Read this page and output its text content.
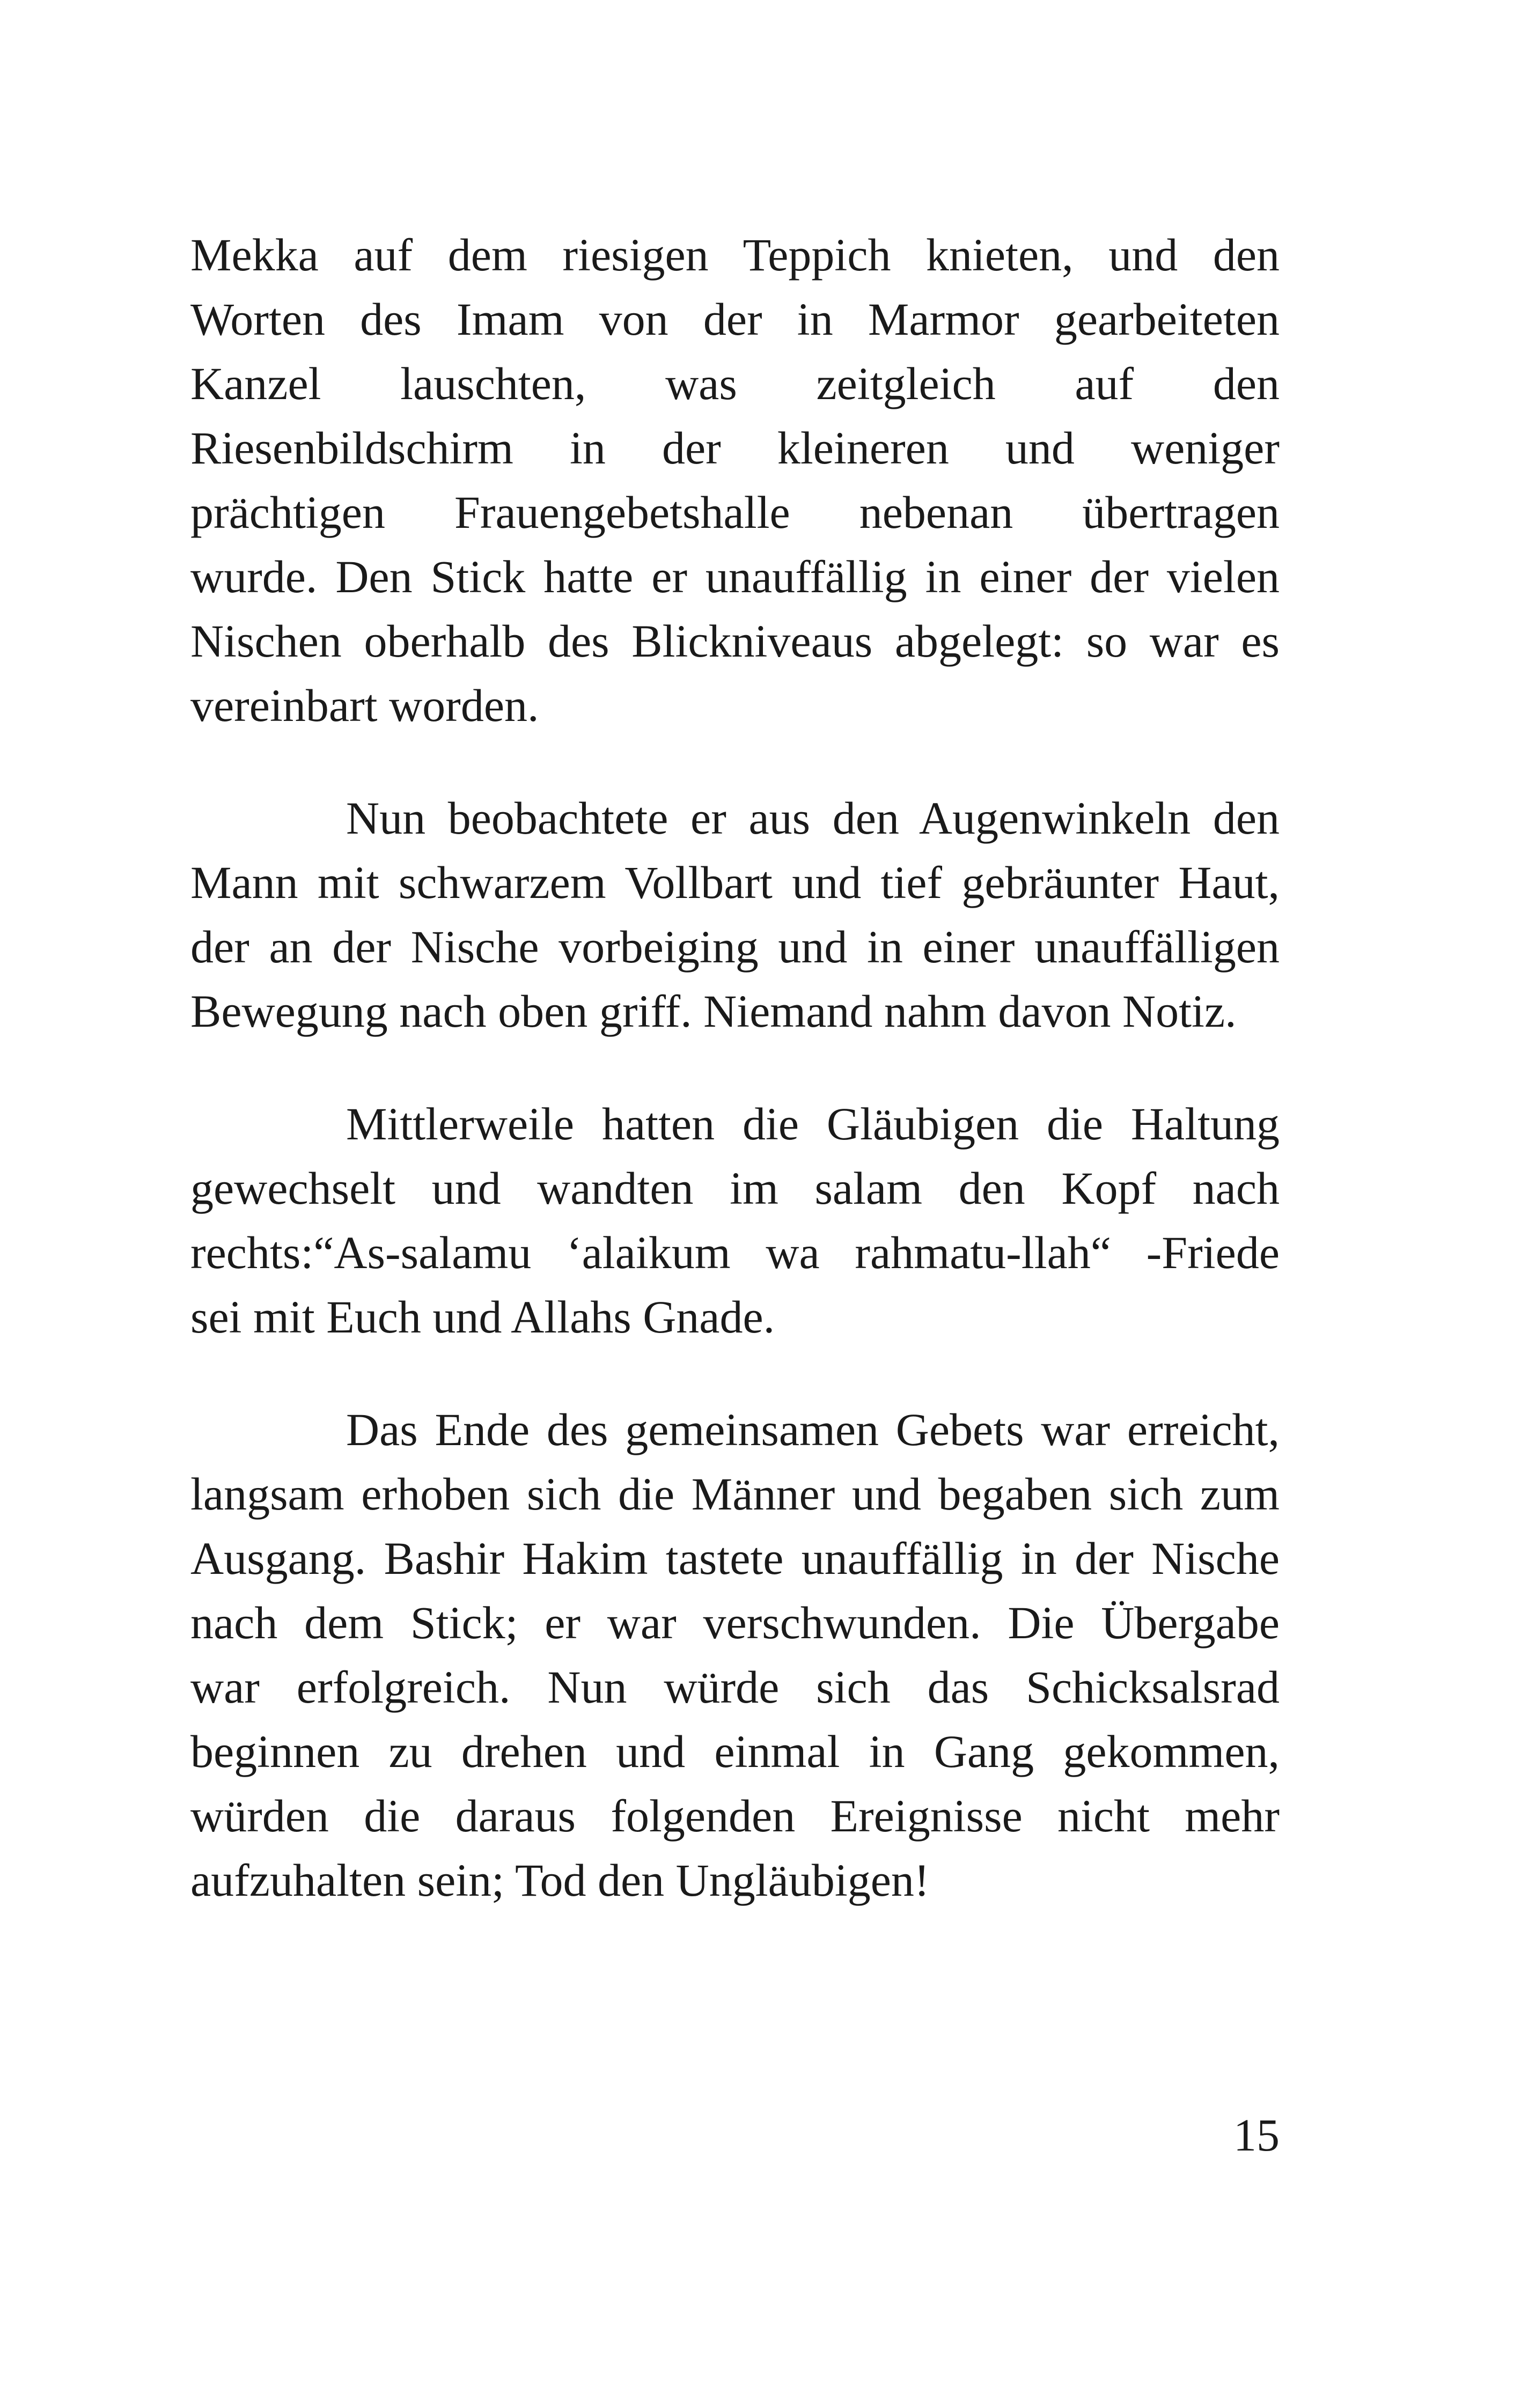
Mekka auf dem riesigen Teppich knieten, und den
Worten des Imam von der in Marmor gearbeiteten
Kanzel lauschten, was zeitgleich auf den
Riesenbildschirm in der kleineren und weniger
prächtigen Frauengebetshalle nebenan übertragen
wurde. Den Stick hatte er unauffällig in einer der vielen
Nischen oberhalb des Blickniveaus abgelegt: so war es
vereinbart worden.

Nun beobachtete er aus den Augenwinkeln den
Mann mit schwarzem Vollbart und tief gebräunter Haut,
der an der Nische vorbeiging und in einer unauffälligen
Bewegung nach oben griff. Niemand nahm davon Notiz.

Mittlerweile hatten die Gläubigen die Haltung
gewechselt und wandten im salam den Kopf nach
rechts:“As-salamu ‘alaikum wa rahmatu-llah“ -Friede
sei mit Euch und Allahs Gnade.

Das Ende des gemeinsamen Gebets war erreicht,
langsam erhoben sich die Männer und begaben sich zum
Ausgang. Bashir Hakim tastete unauffällig in der Nische
nach dem Stick; er war verschwunden. Die Übergabe
war erfolgreich. Nun würde sich das Schicksalsrad
beginnen zu drehen und einmal in Gang gekommen,
würden die daraus folgenden Ereignisse nicht mehr
aufzuhalten sein; Tod den Ungläubigen!

15
